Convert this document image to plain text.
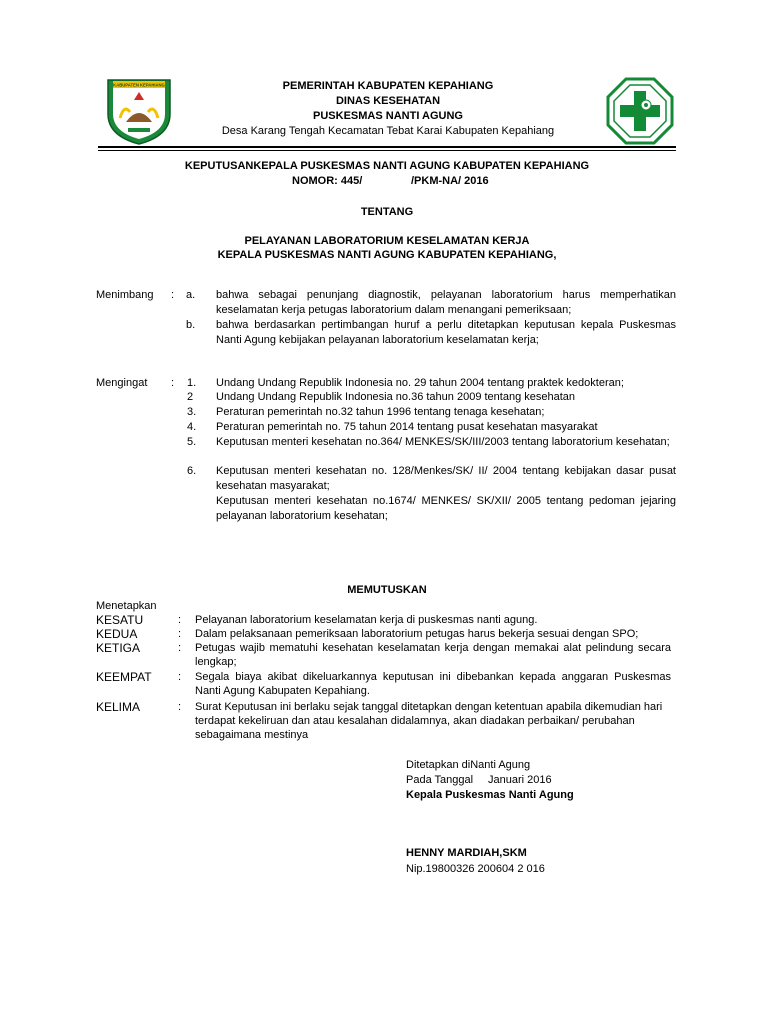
KABUPATEN KEPAHIANG	PEMERINTAH KABUPATEN KEPAHIANG
DINAS KESEHATAN
PUSKESMAS NANTI AGUNG
Desa Karang Tengah Kecamatan Tebat Karai Kabupaten Kepahiang
KEPUTUSANKEPALA PUSKESMAS NANTI AGUNG KABUPATEN KEPAHIANG
NOMOR: 445/	/PKM-NA/ 2016
TENTANG
PELAYANAN LABORATORIUM KESELAMATAN KERJA
KEPALA PUSKESMAS NANTI AGUNG KABUPATEN KEPAHIANG,
Menimbang : a. bahwa sebagai penunjang diagnostik, pelayanan laboratorium harus memperhatikan keselamatan kerja petugas laboratorium dalam menangani pemeriksaan;
b. bahwa berdasarkan pertimbangan huruf a perlu ditetapkan keputusan kepala Puskesmas Nanti Agung kebijakan pelayanan laboratorium keselamatan kerja;
Mengingat : 1. Undang Undang Republik Indonesia no. 29 tahun 2004 tentang praktek kedokteran;
2 Undang Undang Republik Indonesia no.36 tahun 2009 tentang kesehatan
3. Peraturan pemerintah no.32 tahun 1996 tentang tenaga kesehatan;
4. Peraturan pemerintah no. 75 tahun 2014 tentang pusat kesehatan masyarakat
5. Keputusan menteri kesehatan no.364/ MENKES/SK/III/2003 tentang laboratorium kesehatan;
6. Keputusan menteri kesehatan no. 128/Menkes/SK/ II/ 2004 tentang kebijakan dasar pusat kesehatan masyarakat;
Keputusan menteri kesehatan no.1674/ MENKES/ SK/XII/ 2005 tentang pedoman jejaring pelayanan laboratorium kesehatan;
MEMUTUSKAN
Menetapkan
KESATU	: Pelayanan laboratorium keselamatan kerja di puskesmas nanti agung.
KEDUA	: Dalam pelaksanaan pemeriksaan laboratorium petugas harus bekerja sesuai dengan SPO;
KETIGA	: Petugas wajib mematuhi kesehatan keselamatan kerja dengan memakai alat pelindung secara lengkap;
KEEMPAT : Segala biaya akibat dikeluarkannya keputusan ini dibebankan kepada anggaran Puskesmas Nanti Agung Kabupaten Kepahiang.
KELIMA	: Surat Keputusan ini berlaku sejak tanggal ditetapkan dengan ketentuan apabila dikemudian hari terdapat kekeliruan dan atau kesalahan didalamnya, akan diadakan perbaikan/ perubahan sebagaimana mestinya
Ditetapkan diNanti Agung
Pada Tanggal Januari 2016
Kepala Puskesmas Nanti Agung
HENNY MARDIAH,SKM
Nip.19800326 200604 2 016
